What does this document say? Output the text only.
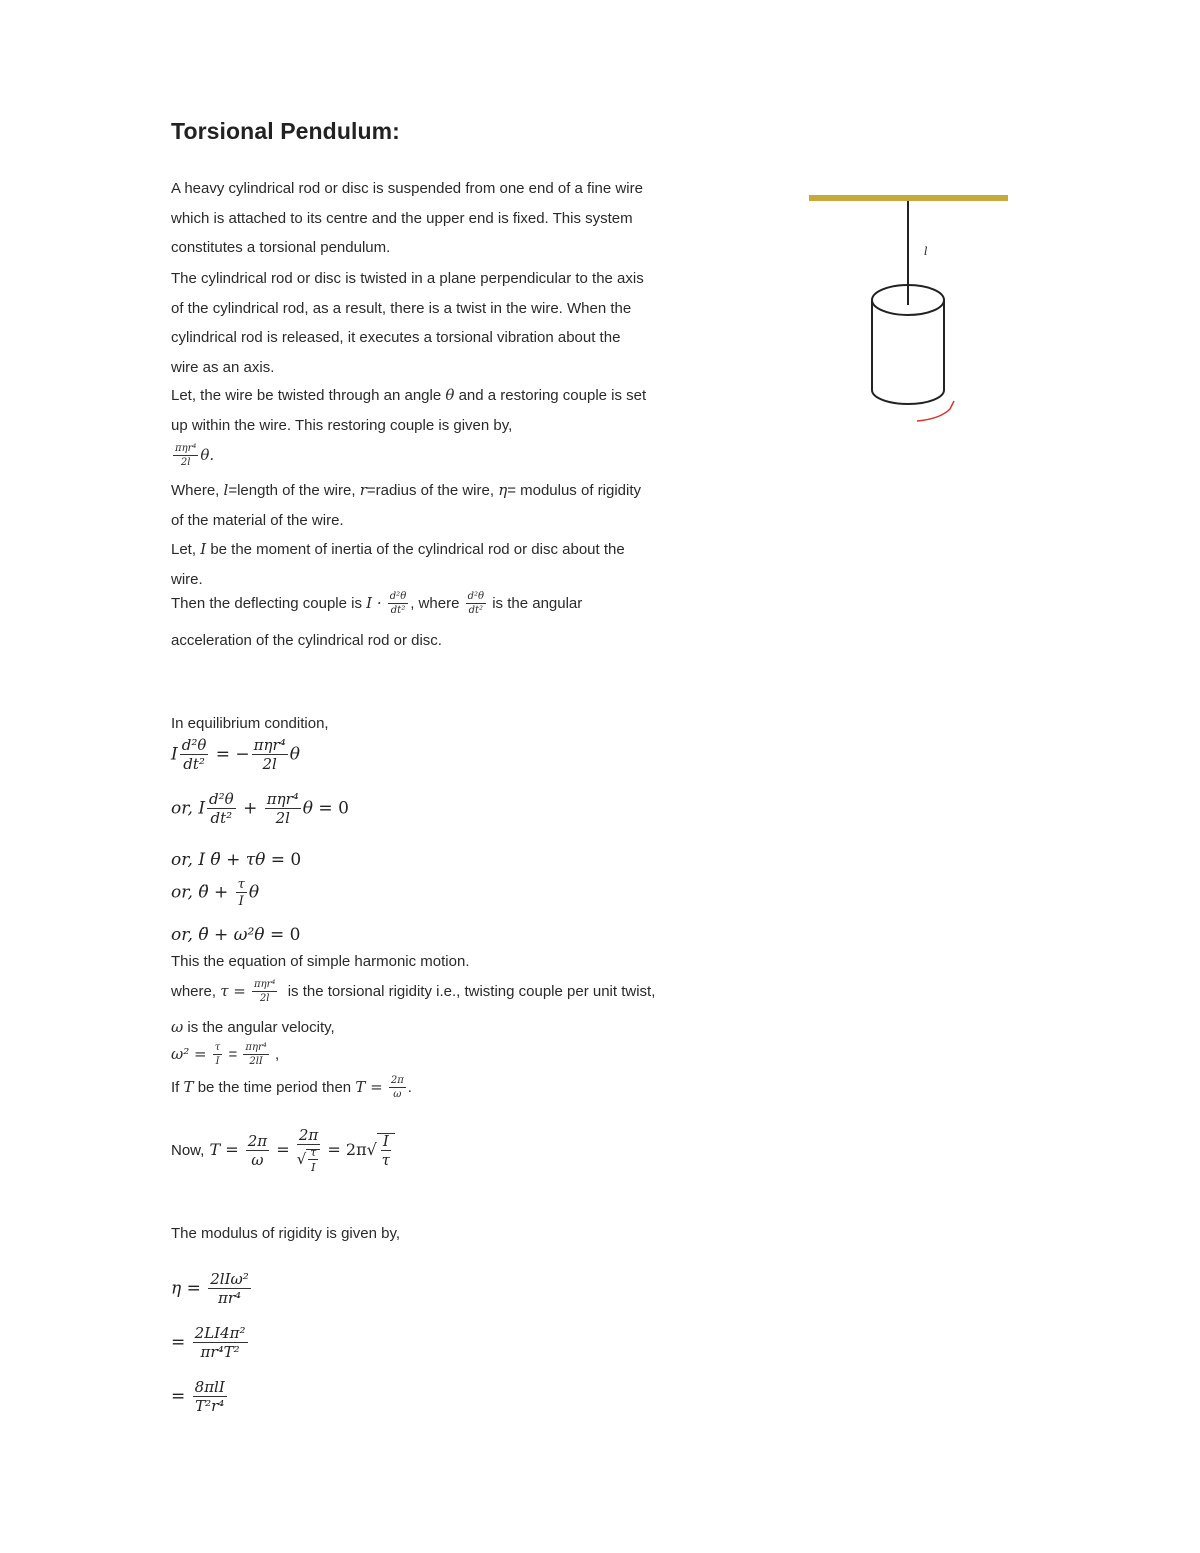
Torsional Pendulum:
A heavy cylindrical rod or disc is suspended from one end of a fine wire which is attached to its centre and the upper end is fixed. This system constitutes a torsional pendulum.
The cylindrical rod or disc is twisted in a plane perpendicular to the axis of the cylindrical rod, as a result, there is a twist in the wire. When the cylindrical rod is released, it executes a torsional vibration about the wire as an axis.
Let, the wire be twisted through an angle θ and a restoring couple is set up within the wire. This restoring couple is given by,
$\frac{\text{πηr⁴}}{2l} \theta$.
Where, l=length of the wire, r=radius of the wire, η= modulus of rigidity of the material of the wire.
Let, I be the moment of inertia of the cylindrical rod or disc about the wire.
Then the deflecting couple is $I \cdot \frac{\text{d²θ}}{\text{dt²}}$ , where $\frac{\text{d²θ}}{\text{dt²}}$ is the angular
acceleration of the cylindrical rod or disc.
In equilibrium condition,
I $\frac{\text{d²θ}}{\text{dt²}}$ = − $\frac{\text{πηr⁴}}{2l}$ θ
or, I $\frac{\text{d²θ}}{\text{dt²}} + \frac{\text{πηr⁴}}{2l}$ θ = 0
or, I θ̈ + τθ = 0
or, θ̈ + $\frac{\tau}{I}$ θ
or, θ̈ + ω²θ = 0
This the equation of simple harmonic motion.
where, $\tau = \frac{\text{πηr⁴}}{2l}$ is the torsional rigidity i.e., twisting couple per unit twist,
ω is the angular velocity,
$\omega^2 = \frac{\tau}{I} = \frac{\text{πηr⁴}}{2lI}$ ,
If T be the time period then $T = \frac{2\pi}{\omega}$ .
Now, $T = \frac{2\pi}{\omega} = \frac{2\pi}{√ \frac{\tau}{I}} = 2\pi√ \frac{I}{\tau}$
The modulus of rigidity is given by,
$\eta = \frac{\text{2lIω²}}{\text{πr⁴}}$
= $\frac{\text{2LI4π²}}{\text{πr⁴T²}}$
= $\frac{\text{8πlI}}{\text{T²r⁴}}$
l
